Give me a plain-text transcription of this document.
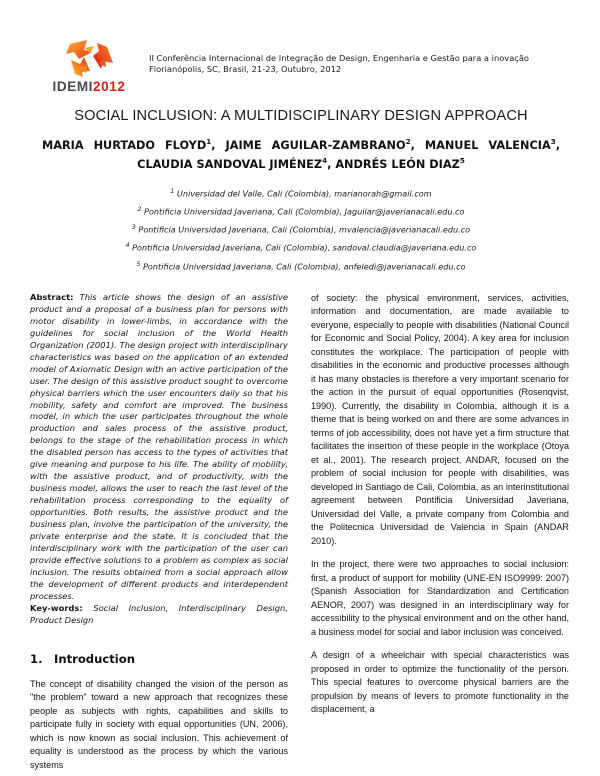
IDEMI2012
II Conferência Internacional de Integração de Design, Engenharia e Gestão para a inovação
Florianópolis, SC, Brasil, 21-23, Outubro, 2012
SOCIAL INCLUSION: A MULTIDISCIPLINARY DESIGN APPROACH
MARIA HURTADO FLOYD$^1$, JAIME AGUILAR-ZAMBRANO$^2$, MANUEL VALENCIA$^3$, CLAUDIA SANDOVAL JIMÉNEZ$^4$, ANDRÉS LEÓN DIAZ$^5$
$^1$ Universidad del Valle, Cali (Colombia), marianorah@gmail.com
$^2$ Pontificia Universidad Javeriana, Cali (Colombia), Jaguilar@javerianacali.edu.co
$^3$ Pontificia Universidad Javeriana, Cali (Colombia), mvalencia@javerianacali.edu.co
$^4$ Pontificia Universidad Javeriana, Cali (Colombia), sandoval.claudia@javeriana.edu.co
$^5$ Pontificia Universidad Javeriana, Cali (Colombia), anfeledi@javerianacali.edu.co

Abstract: This article shows the design of an assistive product and a proposal of a business plan for persons with motor disability in lower-limbs, in accordance with the guidelines for social inclusion of the World Health Organization (2001). The design project with interdisciplinary characteristics was based on the application of an extended model of Axiomatic Design with an active participation of the user. The design of this assistive product sought to overcome physical barriers which the user encounters daily so that his mobility, safety and comfort are improved. The business model, in which the user participates throughout the whole production and sales process of the assistive product, belongs to the stage of the rehabilitation process in which the disabled person has access to the types of activities that give meaning and purpose to his life. The ability of mobility, with the assistive product, and of productivity, with the business model, allows the user to reach the last level of the rehabilitation process corresponding to the equality of opportunities. Both results, the assistive product and the business plan, involve the participation of the university, the private enterprise and the state. It is concluded that the interdisciplinary work with the participation of the user can provide effective solutions to a problem as complex as social inclusion. The results obtained from a social approach allow the development of different products and interdependent processes.

Key-words: Social Inclusion, Interdisciplinary Design, Product Design

1. Introduction

The concept of disability changed the vision of the person as "the problem" toward a new approach that recognizes these people as subjects with rights, capabilities and skills to participate fully in society with equal opportunities (UN, 2006), which is now known as social inclusion. This achievement of equality is understood as the process by which the various systems

of society: the physical environment, services, activities, information and documentation, are made available to everyone, especially to people with disabilities (National Council for Economic and Social Policy, 2004). A key area for inclusion constitutes the workplace. The participation of people with disabilities in the economic and productive processes although it has many obstacles is therefore a very important scenario for the action in the pursuit of equal opportunities (Rosenqvist, 1990). Currently, the disability in Colombia, although it is a theme that is being worked on and there are some advances in terms of job accessibility, does not have yet a firm structure that facilitates the insertion of these people in the workplace (Otoya et al., 2001). The research project, ANDAR, focused on the problem of social inclusion for people with disabilities, was developed in Santiago de Cali, Colombia, as an interinstitutional agreement between Pontificia Universidad Javeriana, Universidad del Valle, a private company from Colombia and the Politecnica Universidad de Valencia in Spain (ANDAR 2010).

In the project, there were two approaches to social inclusion: first, a product of support for mobility (UNE-EN ISO9999: 2007) (Spanish Association for Standardization and Certification AENOR, 2007) was designed in an interdisciplinary way for accessibility to the physical environment and on the other hand, a business model for social and labor inclusion was conceived.

A design of a wheelchair with special characteristics was proposed in order to optimize the functionality of the person. This special features to overcome physical barriers are the propulsion by means of levers to promote functionality in the displacement, a
